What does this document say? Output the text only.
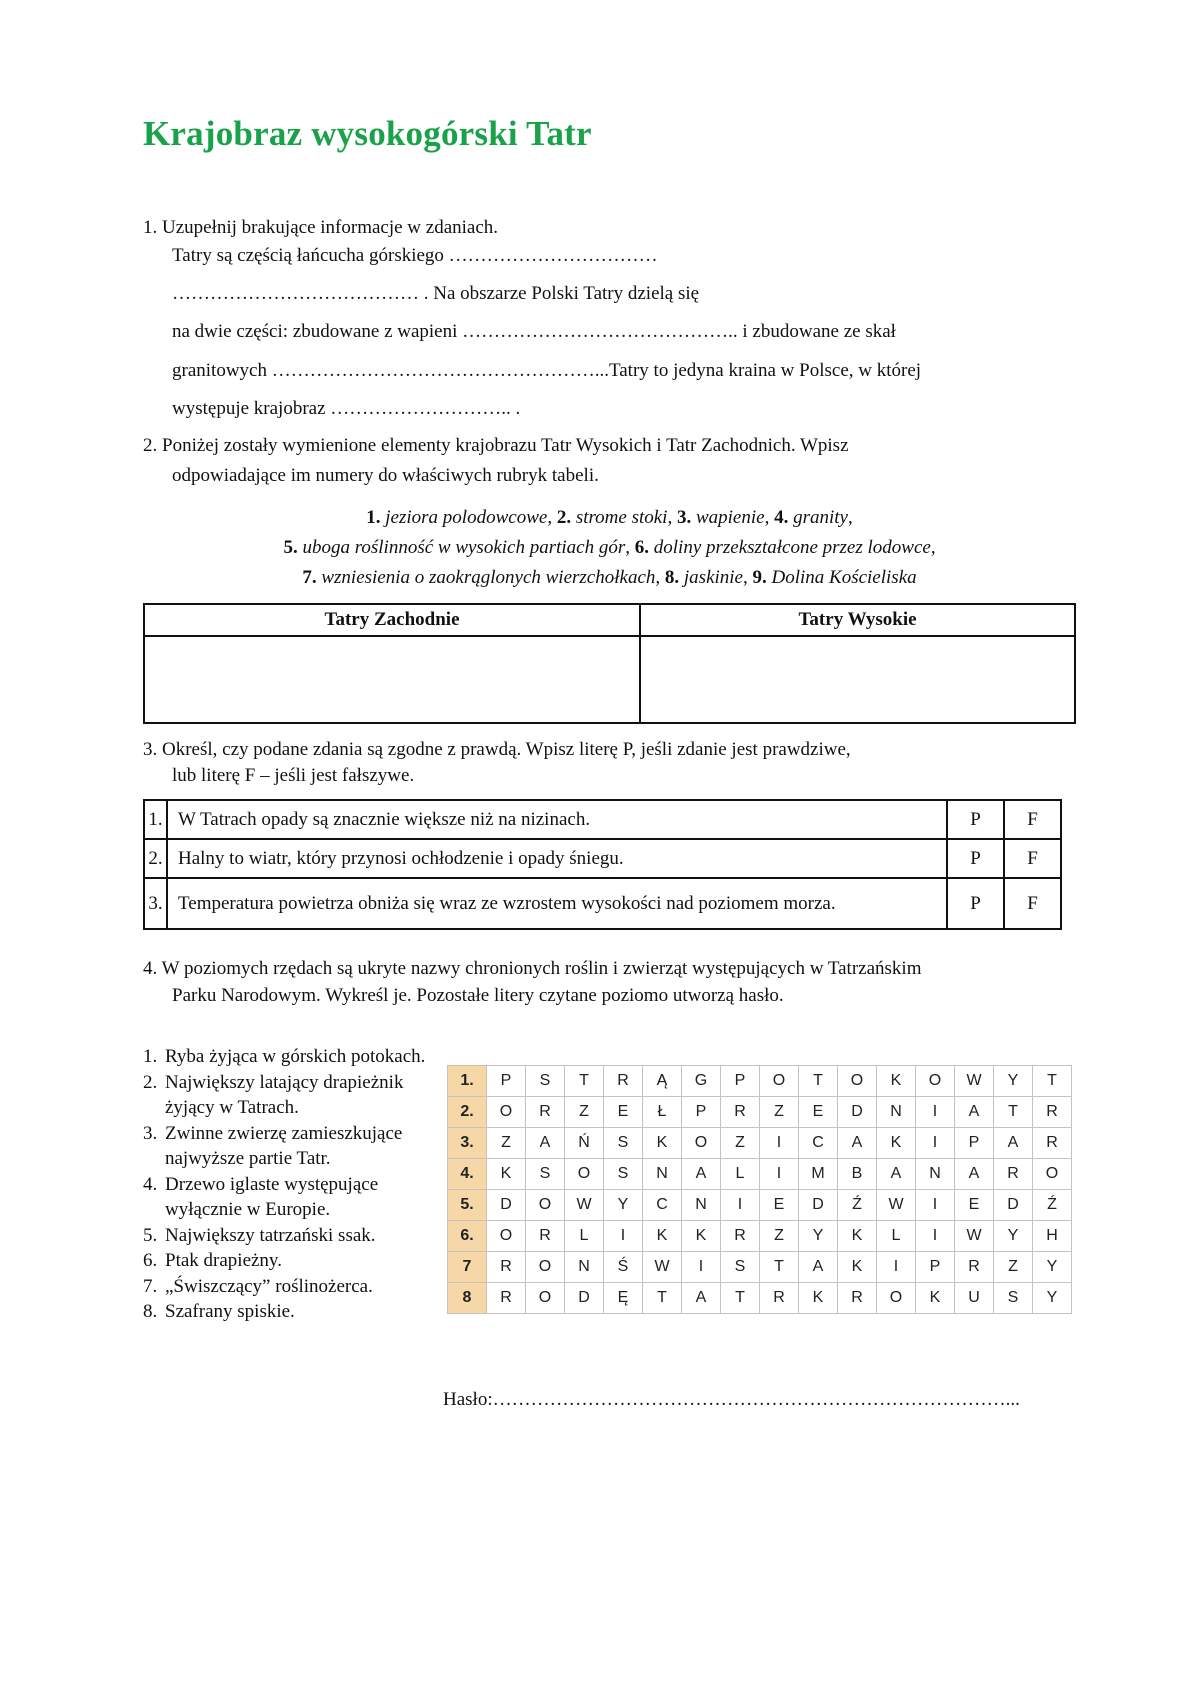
Krajobraz wysokogórski Tatr
1. Uzupełnij brakujące informacje w zdaniach.
Tatry są częścią łańcucha górskiego ……………………………
………………………………… . Na obszarze Polski Tatry dzielą się
na dwie części: zbudowane z wapieni …………………………………….. i zbudowane ze skał
granitowych ……………………………………………...Tatry to jedyna kraina w Polsce, w której
występuje krajobraz ……………………….. .
2. Poniżej zostały wymienione elementy krajobrazu Tatr Wysokich i Tatr Zachodnich. Wpisz
odpowiadające im numery do właściwych rubryk tabeli.
1. jeziora polodowcowe, 2. strome stoki, 3. wapienie, 4. granity,
5. uboga roślinność w wysokich partiach gór, 6. doliny przekształcone przez lodowce,
7. wzniesienia o zaokrąglonych wierzchołkach, 8. jaskinie, 9. Dolina Kościeliska
Tatry Zachodnie	Tatry Wysokie

3. Określ, czy podane zdania są zgodne z prawdą. Wpisz literę P, jeśli zdanie jest prawdziwe,
lub literę F – jeśli jest fałszywe.
1.	W Tatrach opady są znacznie większe niż na nizinach.	P	F
2.	Halny to wiatr, który przynosi ochłodzenie i opady śniegu.	P	F
3.	Temperatura powietrza obniża się wraz ze wzrostem wysokości nad poziomem morza.	P	F
4. W poziomych rzędach są ukryte nazwy chronionych roślin i zwierząt występujących w Tatrzańskim
Parku Narodowym. Wykreśl je. Pozostałe litery czytane poziomo utworzą hasło.
1. Ryba żyjąca w górskich potokach.
2. Największy latający drapieżnik żyjący w Tatrach.
3. Zwinne zwierzę zamieszkujące najwyższe partie Tatr.
4. Drzewo iglaste występujące wyłącznie w Europie.
5. Największy tatrzański ssak.
6. Ptak drapieżny.
7. „Świszczący” roślinożerca.
8. Szafrany spiskie.
1.	P	S	T	R	Ą	G	P	O	T	O	K	O	W	Y	T
2.	O	R	Z	E	Ł	P	R	Z	E	D	N	I	A	T	R
3.	Z	A	Ń	S	K	O	Z	I	C	A	K	I	P	A	R
4.	K	S	O	S	N	A	L	I	M	B	A	N	A	R	O
5.	D	O	W	Y	C	N	I	E	D	Ź	W	I	E	D	Ź
6.	O	R	L	I	K	K	R	Z	Y	K	L	I	W	Y	H
7	R	O	N	Ś	W	I	S	T	A	K	I	P	R	Z	Y
8	R	O	D	Ę	T	A	T	R	K	R	O	K	U	S	Y
Hasło:………………………………………………………………………...
